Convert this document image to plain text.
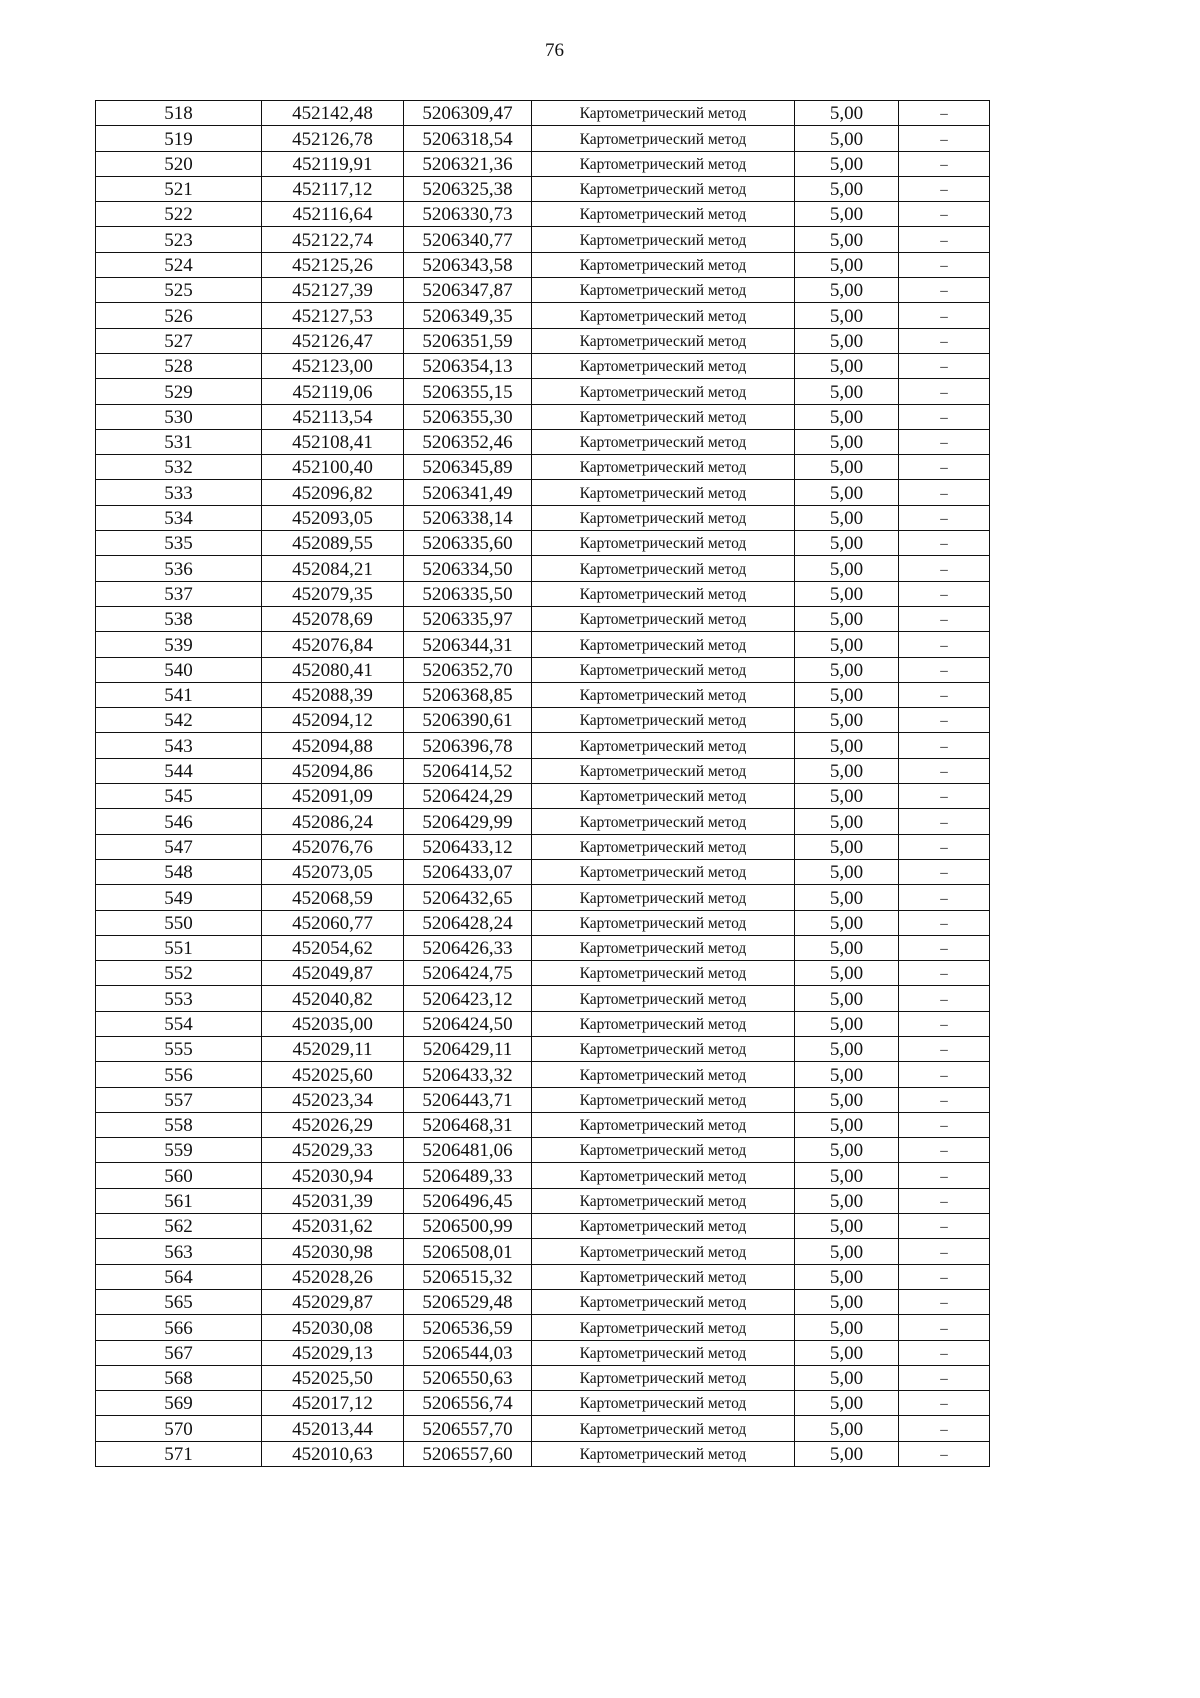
76
518	452142,48	5206309,47	Картометрический метод	5,00	–
519	452126,78	5206318,54	Картометрический метод	5,00	–
520	452119,91	5206321,36	Картометрический метод	5,00	–
521	452117,12	5206325,38	Картометрический метод	5,00	–
522	452116,64	5206330,73	Картометрический метод	5,00	–
523	452122,74	5206340,77	Картометрический метод	5,00	–
524	452125,26	5206343,58	Картометрический метод	5,00	–
525	452127,39	5206347,87	Картометрический метод	5,00	–
526	452127,53	5206349,35	Картометрический метод	5,00	–
527	452126,47	5206351,59	Картометрический метод	5,00	–
528	452123,00	5206354,13	Картометрический метод	5,00	–
529	452119,06	5206355,15	Картометрический метод	5,00	–
530	452113,54	5206355,30	Картометрический метод	5,00	–
531	452108,41	5206352,46	Картометрический метод	5,00	–
532	452100,40	5206345,89	Картометрический метод	5,00	–
533	452096,82	5206341,49	Картометрический метод	5,00	–
534	452093,05	5206338,14	Картометрический метод	5,00	–
535	452089,55	5206335,60	Картометрический метод	5,00	–
536	452084,21	5206334,50	Картометрический метод	5,00	–
537	452079,35	5206335,50	Картометрический метод	5,00	–
538	452078,69	5206335,97	Картометрический метод	5,00	–
539	452076,84	5206344,31	Картометрический метод	5,00	–
540	452080,41	5206352,70	Картометрический метод	5,00	–
541	452088,39	5206368,85	Картометрический метод	5,00	–
542	452094,12	5206390,61	Картометрический метод	5,00	–
543	452094,88	5206396,78	Картометрический метод	5,00	–
544	452094,86	5206414,52	Картометрический метод	5,00	–
545	452091,09	5206424,29	Картометрический метод	5,00	–
546	452086,24	5206429,99	Картометрический метод	5,00	–
547	452076,76	5206433,12	Картометрический метод	5,00	–
548	452073,05	5206433,07	Картометрический метод	5,00	–
549	452068,59	5206432,65	Картометрический метод	5,00	–
550	452060,77	5206428,24	Картометрический метод	5,00	–
551	452054,62	5206426,33	Картометрический метод	5,00	–
552	452049,87	5206424,75	Картометрический метод	5,00	–
553	452040,82	5206423,12	Картометрический метод	5,00	–
554	452035,00	5206424,50	Картометрический метод	5,00	–
555	452029,11	5206429,11	Картометрический метод	5,00	–
556	452025,60	5206433,32	Картометрический метод	5,00	–
557	452023,34	5206443,71	Картометрический метод	5,00	–
558	452026,29	5206468,31	Картометрический метод	5,00	–
559	452029,33	5206481,06	Картометрический метод	5,00	–
560	452030,94	5206489,33	Картометрический метод	5,00	–
561	452031,39	5206496,45	Картометрический метод	5,00	–
562	452031,62	5206500,99	Картометрический метод	5,00	–
563	452030,98	5206508,01	Картометрический метод	5,00	–
564	452028,26	5206515,32	Картометрический метод	5,00	–
565	452029,87	5206529,48	Картометрический метод	5,00	–
566	452030,08	5206536,59	Картометрический метод	5,00	–
567	452029,13	5206544,03	Картометрический метод	5,00	–
568	452025,50	5206550,63	Картометрический метод	5,00	–
569	452017,12	5206556,74	Картометрический метод	5,00	–
570	452013,44	5206557,70	Картометрический метод	5,00	–
571	452010,63	5206557,60	Картометрический метод	5,00	–
